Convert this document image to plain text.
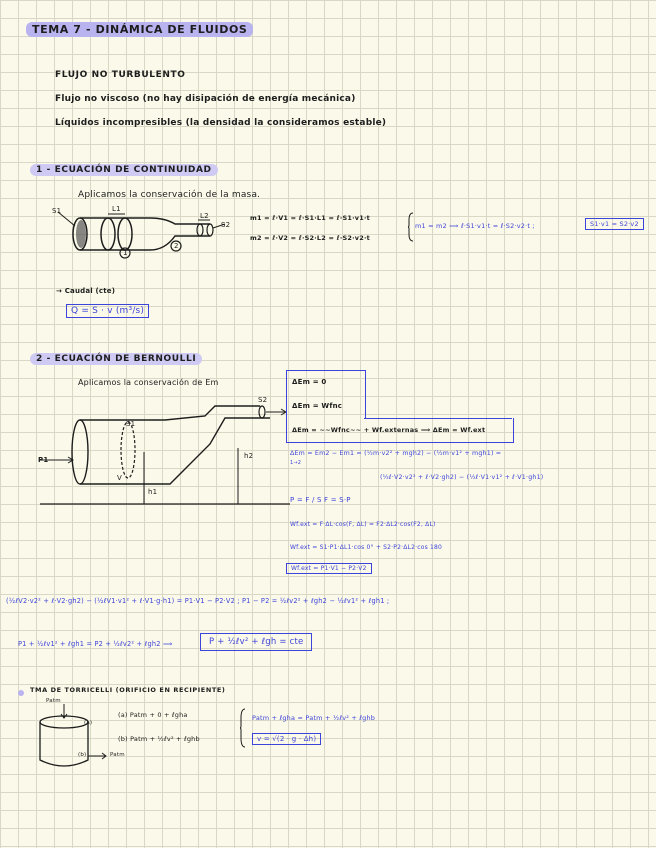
TEMA 7 - DINÁMICA DE FLUIDOS
FLUJO NO TURBULENTO
Flujo no viscoso (no hay disipación de energía mecánica)
Líquidos incompresibles (la densidad la consideramos estable)
1 - ECUACIÓN DE CONTINUIDAD
Aplicamos la conservación de la masa.
S1	L1
L2
S2
1
2
m1 = ℓ·V1 = ℓ·S1·L1 = ℓ·S1·v1·t
m2 = ℓ·V2 = ℓ·S2·L2 = ℓ·S2·v2·t
m1 = m2 ⟹ ℓ·S1·v1·t = ℓ·S2·v2·t ;	S1·v1 = S2·v2
→ Caudal (cte)
Q = S · v (m³/s)
2 - ECUACIÓN DE BERNOULLI
Aplicamos la conservación de Em
S1
S2
P1
h1
h2
V
ΔEm = 0
ΔEm = Wfnc
ΔEm = ~~Wfnc~~ + Wf.externas ⟹ ΔEm = Wf.ext
ΔEm = Em2 − Em1 = (½m·v2² + mgh2) − (½m·v1² + mgh1) =
1→2
(½ℓ·V2·v2² + ℓ·V2·gh2) − (½ℓ·V1·v1² + ℓ·V1·gh1)
P = F / S F = S·P
Wf.ext = F·ΔL·cos(F, ΔL) = F2·ΔL2·cos(F2, ΔL)
Wf.ext = S1·P1·ΔL1·cos 0° + S2·P2·ΔL2·cos 180
Wf.ext = P1·V1 − P2·V2
(½ℓV2·v2² + ℓ·V2·gh2) − (½ℓV1·v1² + ℓ·V1·g·h1) = P1·V1 − P2·V2 ; P1 − P2 = ½ℓv2² + ℓgh2 − ½ℓv1² + ℓgh1 ;
P1 + ½ℓv1² + ℓgh1 = P2 + ½ℓv2² + ℓgh2 ⟹	P + ½ℓv² + ℓgh = cte
TMA DE TORRICELLI (ORIFICIO EN RECIPIENTE)
Patm
(a)
(b)	Patm
(a) Patm + 0 + ℓgha
(b) Patm + ½ℓv² + ℓghb
Patm + ℓgha = Patm + ½ℓv² + ℓghb
v = √(2 · g · Δh)
